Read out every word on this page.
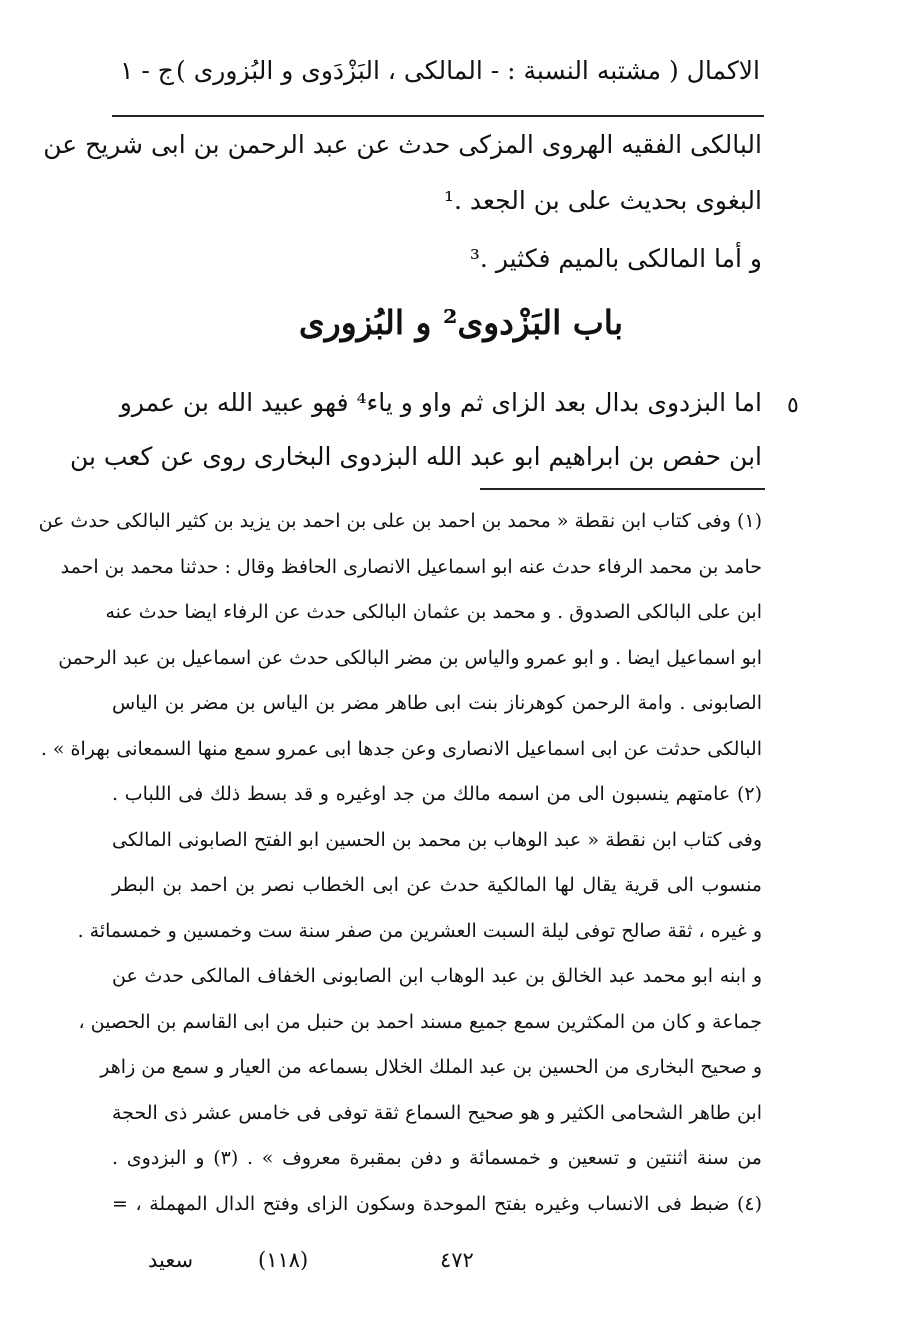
الاكمال ( مشتبه النسبة : - المالكى ، البَزْدَوى و البُزورى )
ج - ١
البالكى الفقيه الهروى المزكى حدث عن عبد الرحمن بن ابى شريح عن
البغوى بحديث على بن الجعد .¹
و أما المالكى بالميم فكثير .³
باب البَزْدوى² و البُزورى
٥
اما البزدوى بدال بعد الزاى ثم واو و ياء⁴ فهو عبيد الله بن عمرو
ابن حفص بن ابراهيم ابو عبد الله البزدوى البخارى روى عن كعب بن
(١) وفى كتاب ابن نقطة « محمد بن احمد بن على بن احمد بن يزيد بن كثير البالكى حدث عن
حامد بن محمد الرفاء حدث عنه ابو اسماعيل الانصارى الحافظ وقال : حدثنا محمد بن احمد
ابن على البالكى الصدوق . و محمد بن عثمان البالكى حدث عن الرفاء ايضا حدث عنه
ابو اسماعيل ايضا . و ابو عمرو والياس بن مضر البالكى حدث عن اسماعيل بن عبد الرحمن
الصابونى . وامة الرحمن كوهرناز بنت ابى طاهر مضر بن الياس بن مضر بن الياس
البالكى حدثت عن ابى اسماعيل الانصارى وعن جدها ابى عمرو سمع منها السمعانى بهراة » .
(٢) عامتهم ينسبون الى من اسمه مالك من جد اوغيره و قد بسط ذلك فى اللباب .
وفى كتاب ابن نقطة « عبد الوهاب بن محمد بن الحسين ابو الفتح الصابونى المالكى
منسوب الى قرية يقال لها المالكية حدث عن ابى الخطاب نصر بن احمد بن البطر
و غيره ، ثقة صالح توفى ليلة السبت العشرين من صفر سنة ست وخمسين و خمسمائة .
و ابنه ابو محمد عبد الخالق بن عبد الوهاب ابن الصابونى الخفاف المالكى حدث عن
جماعة و كان من المكثرين سمع جميع مسند احمد بن حنبل من ابى القاسم بن الحصين ،
و صحيح البخارى من الحسين بن عبد الملك الخلال بسماعه من العيار و سمع من زاهر
ابن طاهر الشحامى الكثير و هو صحيح السماع ثقة توفى فى خامس عشر ذى الحجة
من سنة اثنتين و تسعين و خمسمائة و دفن بمقبرة معروف » . (٣) و البزدوى .
(٤) ضبط فى الانساب وغيره بفتح الموحدة وسكون الزاى وفتح الدال المهملة ، =
٤٧٢
(١١٨)
سعيد
